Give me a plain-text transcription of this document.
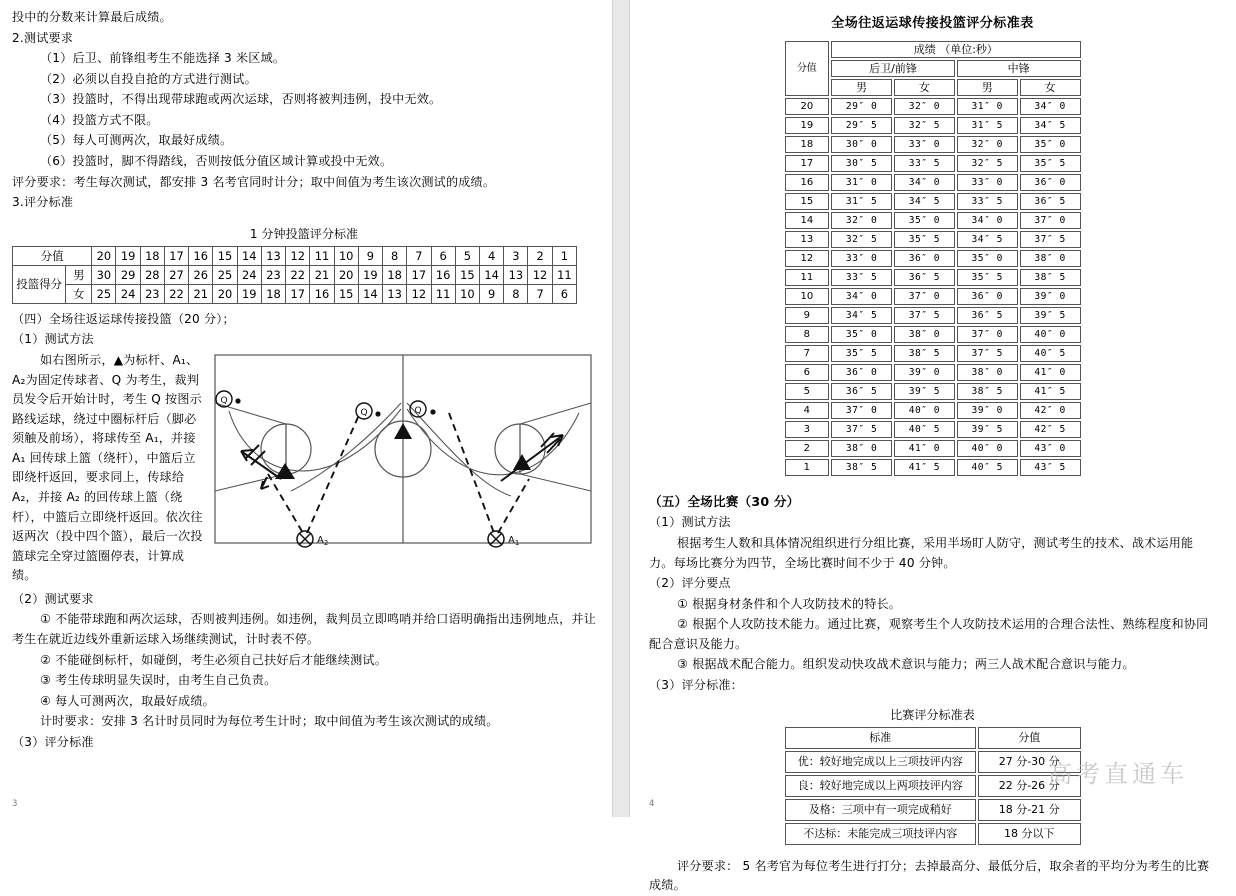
投中的分数来计算最后成绩。

2.测试要求

（1）后卫、前锋组考生不能选择 3 米区域。

（2）必须以自投自抢的方式进行测试。

（3）投篮时，不得出现带球跑或两次运球，否则将被判违例，投中无效。

（4）投篮方式不限。

（5）每人可测两次，取最好成绩。

（6）投篮时，脚不得踏线，否则按低分值区域计算或投中无效。

评分要求：考生每次测试，都安排 3 名考官同时计分；取中间值为考生该次测试的成绩。

3.评分标准

1 分钟投篮评分标准
分值		20	19	18	17	16	15	14	13	12	11	10	9	8	7	6	5	4	3	2	1
投篮得分	男	30	29	28	27	26	25	24	23	22	21	20	19	18	17	16	15	14	13	12	11
	女	25	24	23	22	21	20	19	18	17	16	15	14	13	12	11	10	9	8	7	6

（四）全场往返运球传接投篮（20 分）；

（1）测试方法

Q
Q	Q
$A_2$	$A_1$

如右图所示，▲为标杆、A₁、A₂为固定传球者、Q 为考生，裁判员发令后开始计时，考生 Q 按图示路线运球，绕过中圈标杆后（脚必须触及前场），将球传至 A₁，并接 A₁ 回传球上篮（绕杆），中篮后立即绕杆返回，要求同上，传球给 A₂，并接 A₂ 的回传球上篮（绕杆），中篮后立即绕杆返回。依次往返两次（投中四个篮），最后一次投篮球完全穿过篮圈停表，计算成绩。

（2）测试要求

① 不能带球跑和两次运球，否则被判违例。如违例，裁判员立即鸣哨并给口语明确指出违例地点，并让考生在就近边线外重新运球入场继续测试，计时表不停。

② 不能碰倒标杆，如碰倒，考生必须自己扶好后才能继续测试。

③ 考生传球明显失误时，由考生自己负责。

④ 每人可测两次，取最好成绩。

计时要求：安排 3 名计时员同时为每位考生计时；取中间值为考生该次测试的成绩。

（3）评分标准

3
全场往返运球传接投篮评分标准表
分值	成绩 （单位:秒）			
	后卫/前锋		中锋	
	男	女	男	女
20	29″ 0	32″ 0	31″ 0	34″ 0
19	29″ 5	32″ 5	31″ 5	34″ 5
18	30″ 0	33″ 0	32″ 0	35″ 0
17	30″ 5	33″ 5	32″ 5	35″ 5
16	31″ 0	34″ 0	33″ 0	36″ 0
15	31″ 5	34″ 5	33″ 5	36″ 5
14	32″ 0	35″ 0	34″ 0	37″ 0
13	32″ 5	35″ 5	34″ 5	37″ 5
12	33″ 0	36″ 0	35″ 0	38″ 0
11	33″ 5	36″ 5	35″ 5	38″ 5
10	34″ 0	37″ 0	36″ 0	39″ 0
9	34″ 5	37″ 5	36″ 5	39″ 5
8	35″ 0	38″ 0	37″ 0	40″ 0
7	35″ 5	38″ 5	37″ 5	40″ 5
6	36″ 0	39″ 0	38″ 0	41″ 0
5	36″ 5	39″ 5	38″ 5	41″ 5
4	37″ 0	40″ 0	39″ 0	42″ 0
3	37″ 5	40″ 5	39″ 5	42″ 5
2	38″ 0	41″ 0	40″ 0	43″ 0
1	38″ 5	41″ 5	40″ 5	43″ 5

（五）全场比赛（30 分）

（1）测试方法

根据考生人数和具体情况组织进行分组比赛，采用半场盯人防守，测试考生的技术、战术运用能力。每场比赛分为四节，全场比赛时间不少于 40 分钟。

（2）评分要点

① 根据身材条件和个人攻防技术的特长。

② 根据个人攻防技术能力。通过比赛，观察考生个人攻防技术运用的合理合法性、熟练程度和协同配合意识及能力。

③ 根据战术配合能力。组织发动快攻战术意识与能力；两三人战术配合意识与能力。

（3）评分标准：

比赛评分标准表
标准	分值
优：较好地完成以上三项技评内容	27 分-30 分
良：较好地完成以上两项技评内容	22 分-26 分
及格：三项中有一项完成稍好	18 分-21 分
不达标：未能完成三项技评内容	18 分以下

评分要求： 5 名考官为每位考生进行打分；去掉最高分、最低分后，取余者的平均分为考生的比赛成绩。

高考直通车
4
